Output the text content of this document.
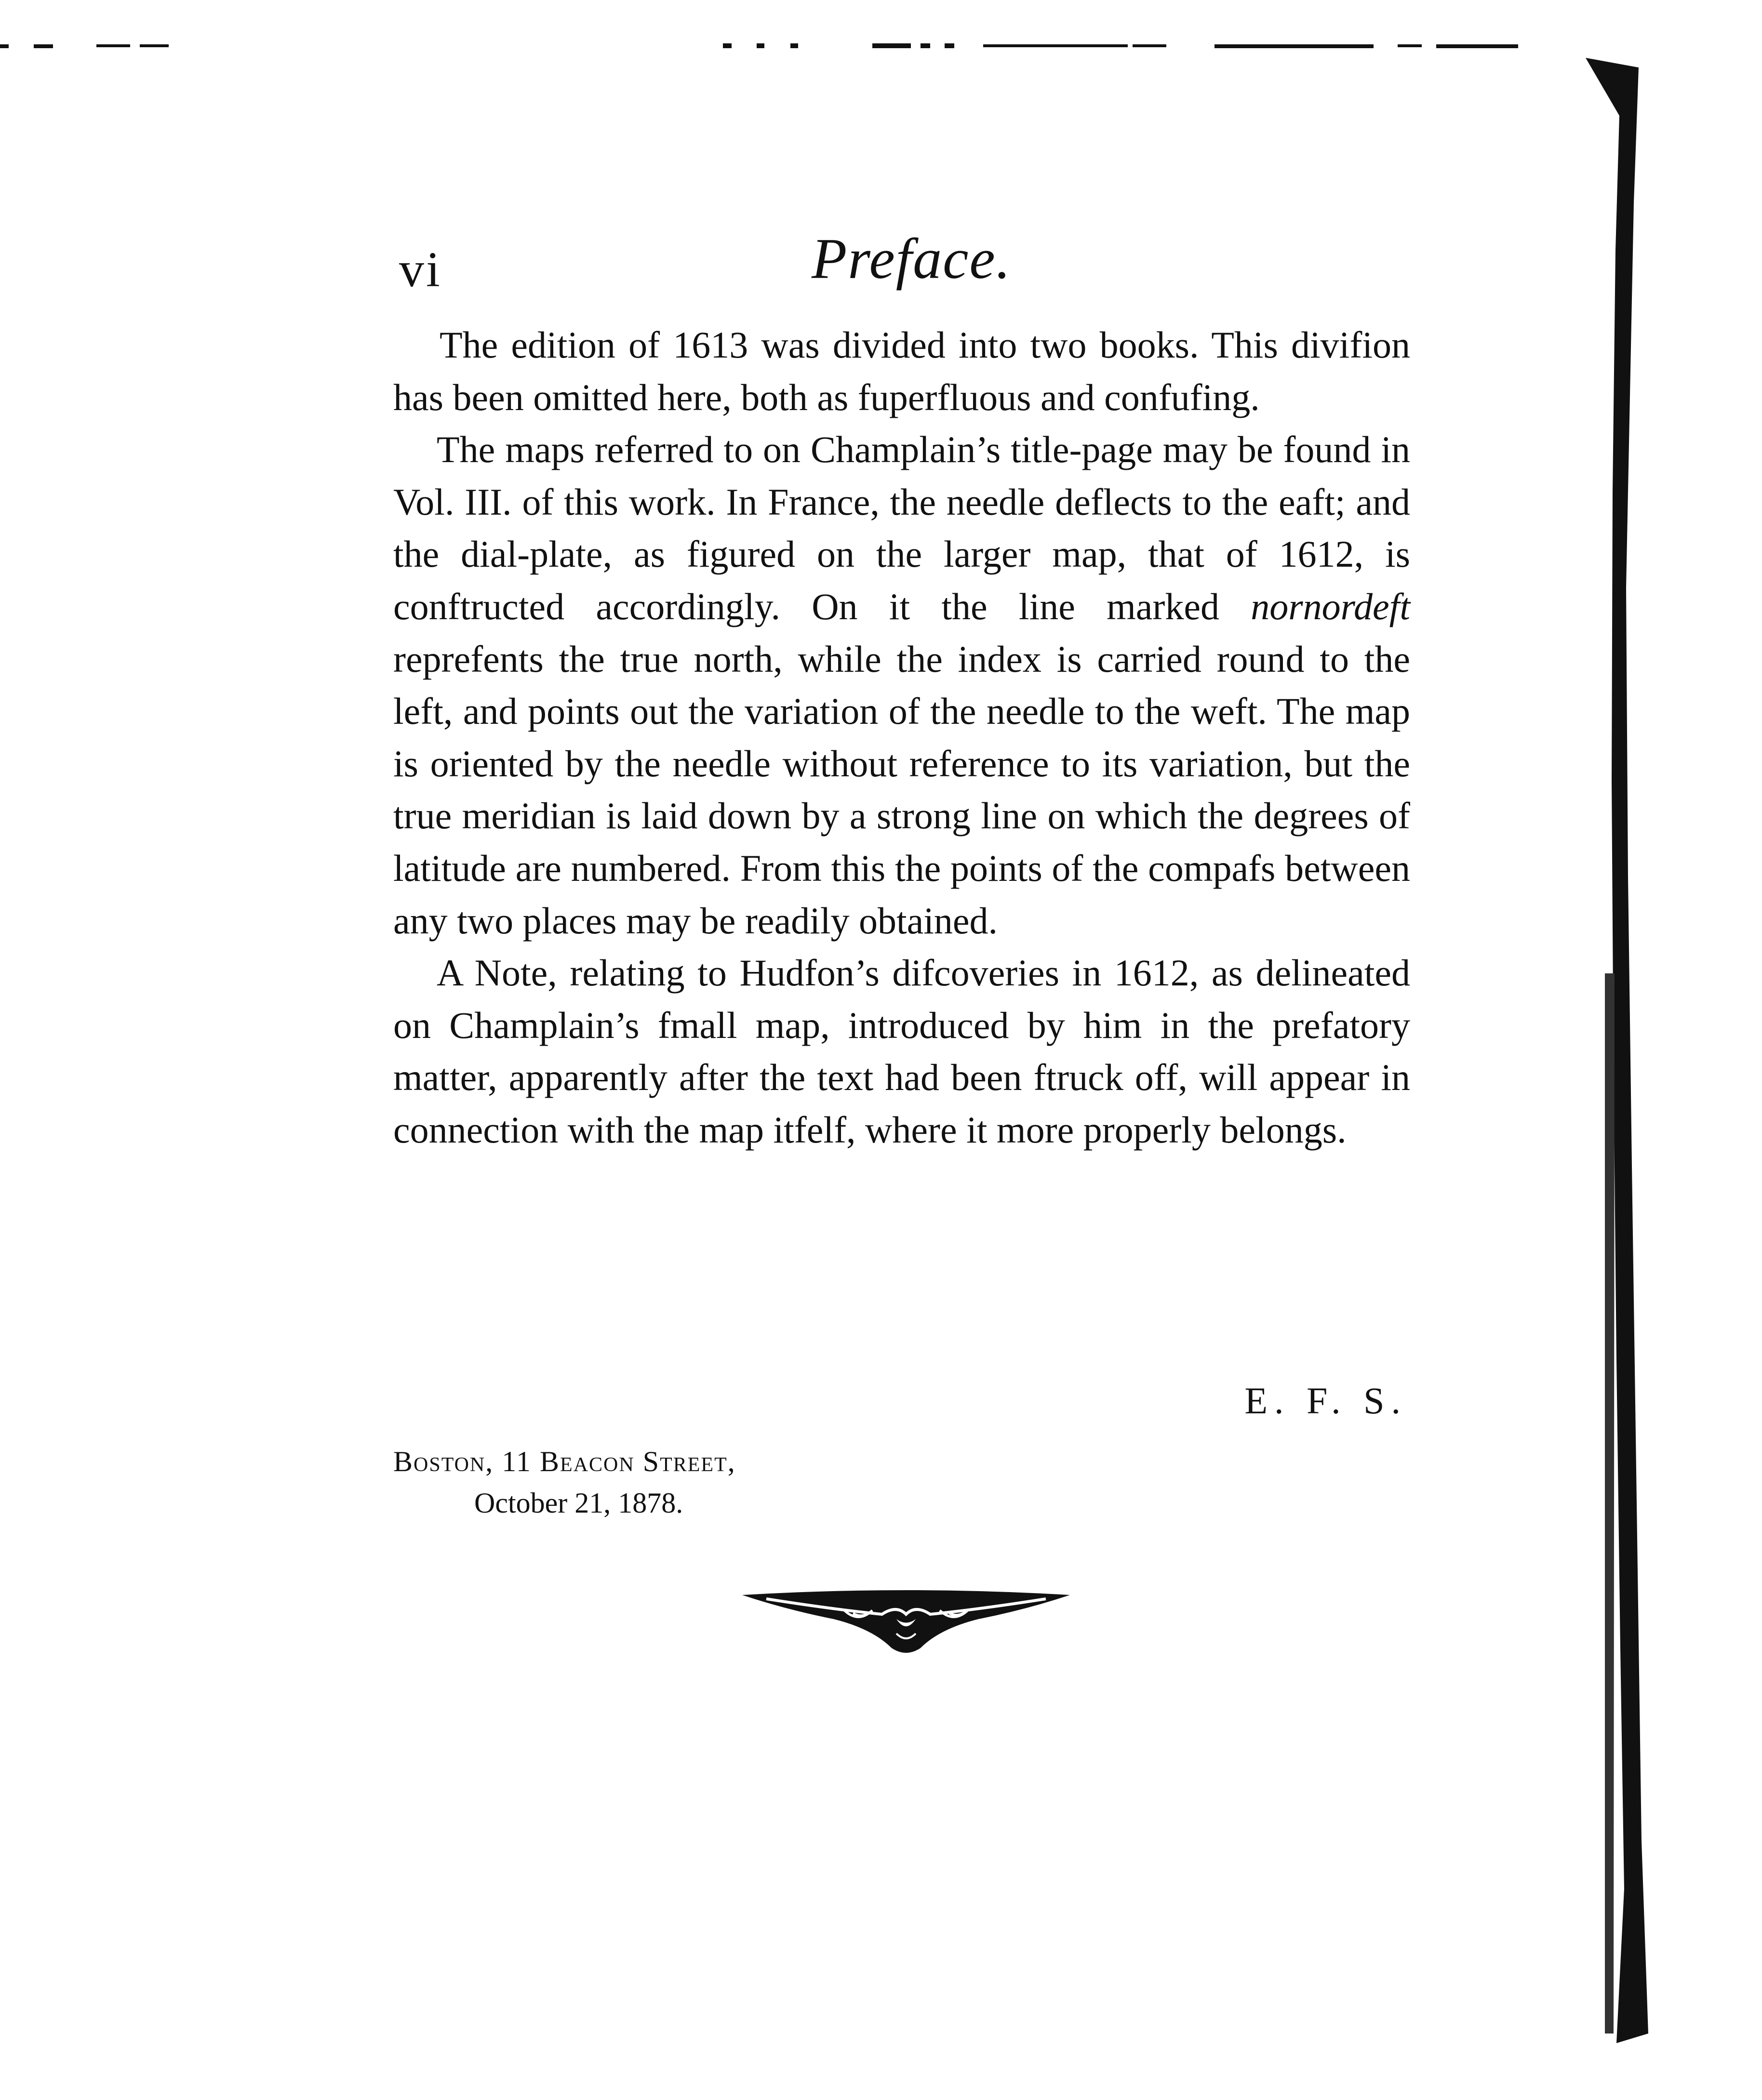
vi	Preface.

The edition of 1613 was divided into two books. This divifion has been omitted here, both as fuperfluous and confufing.

The maps referred to on Champlain’s title-page may be found in Vol. III. of this work. In France, the needle deflects to the eaft; and the dial-plate, as figured on the larger map, that of 1612, is conftructed accordingly. On it the line marked nornordeft reprefents the true north, while the index is carried round to the left, and points out the variation of the needle to the weft. The map is oriented by the needle without reference to its variation, but the true meridian is laid down by a strong line on which the degrees of latitude are numbered. From this the points of the compafs between any two places may be readily obtained.

A Note, relating to Hudfon’s difcoveries in 1612, as delineated on Champlain’s fmall map, introduced by him in the prefatory matter, apparently after the text had been ftruck off, will appear in connection with the map itfelf, where it more properly belongs.

E. F. S.
Boston, 11 Beacon Street,
October 21, 1878.
